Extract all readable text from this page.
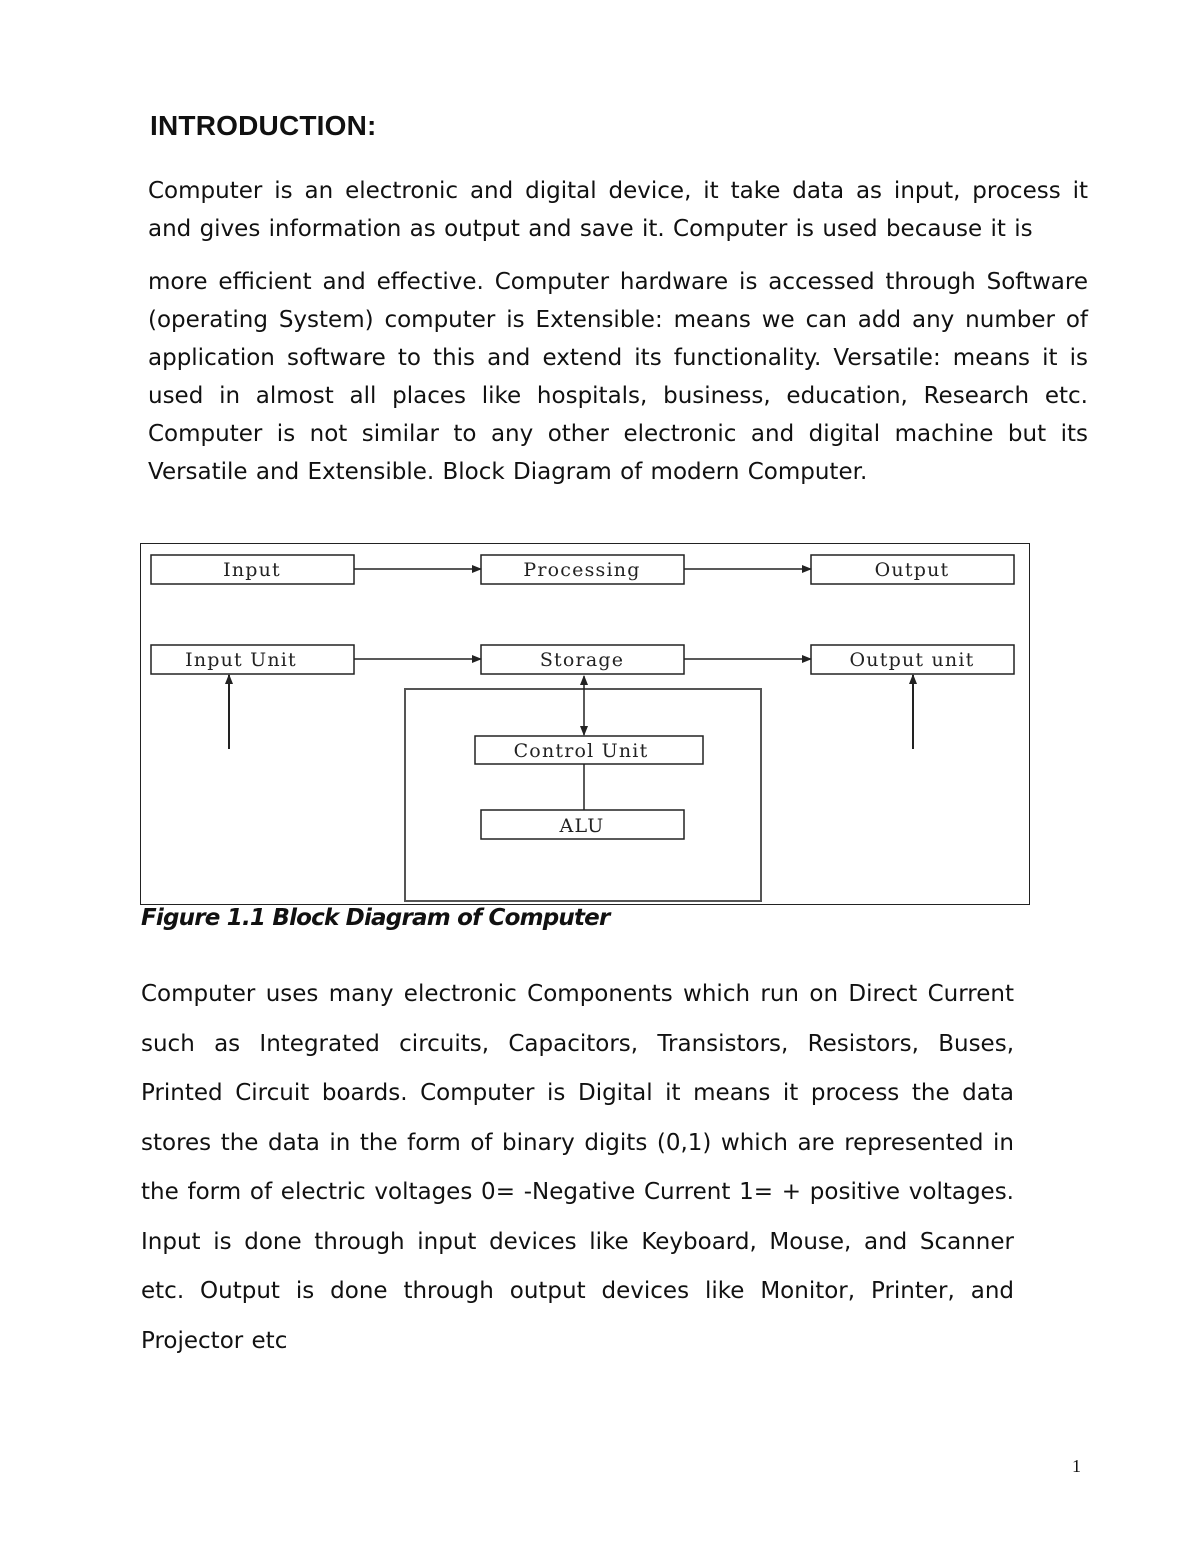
INTRODUCTION:

Computer is an electronic and digital device, it take data as input, process it and gives information as output and save it. Computer is used because it is

more efficient and effective. Computer hardware is accessed through Software (operating System) computer is Extensible: means we can add any number of application software to this and extend its functionality. Versatile: means it is used in almost all places like hospitals, business, education, Research etc. Computer is not similar to any other electronic and digital machine but its Versatile and Extensible. Block Diagram of modern Computer.

Input	Processing	Output
Input Unit	Storage	Output unit
Control Unit
ALU
Figure 1.1 Block Diagram of Computer

Computer uses many electronic Components which run on Direct Current such as Integrated circuits, Capacitors, Transistors, Resistors, Buses, Printed Circuit boards. Computer is Digital it means it process the data stores the data in the form of binary digits (0,1) which are represented in the form of electric voltages 0= -Negative Current 1= + positive voltages. Input is done through input devices like Keyboard, Mouse, and Scanner etc. Output is done through output devices like Monitor, Printer, and Projector etc

1
